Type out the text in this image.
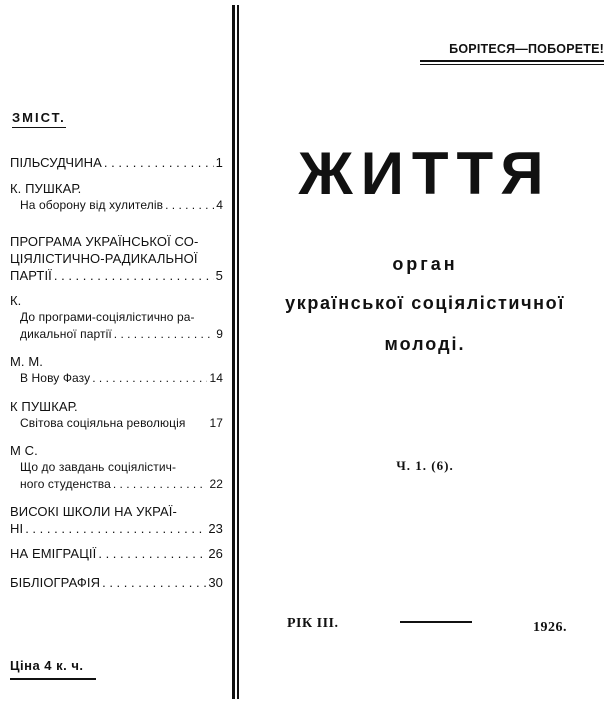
ЗМІСТ.
ПІЛЬСУДЧИНА . . .	1
К. ПУШКАР.
На оборону від хулителів . . .	4
ПРОГРАМА УКРАЇНСЬКОЇ СО-
ЦІЯЛІСТИЧНО-РАДИКАЛЬНОЇ
ПАРТІЇ . . .	5
К.
До програми-соціялістично ра-
дикальної партії . . .	9
М. М.
В Нову Фазу . . .	14
К ПУШКАР.
Світова соціяльна революція 17
М С.
Що до завдань соціялістич-
ного студенства . . .	22
ВИСОКІ ШКОЛИ НА УКРАЇ-
НІ . . .	23
НА ЕМІГРАЦІЇ . . .	26
БІБЛІОГРАФІЯ . . .	30
Ціна 4 к. ч.
БОРІТЕСЯ—ПОБОРЕТЕ!
ЖИТТЯ
орган
української соціялістичної
молоді.
Ч. 1. (6).
РІК III.	1926.
